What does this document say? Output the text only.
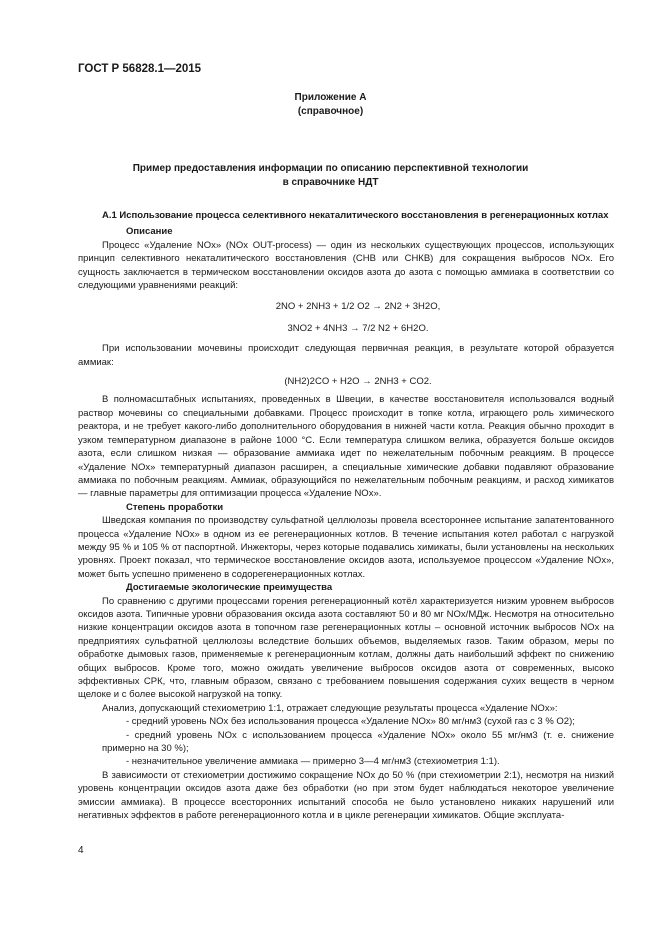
ГОСТ Р 56828.1—2015
Приложение А
(справочное)
Пример предоставления информации по описанию перспективной технологии
в справочнике НДТ

А.1 Использование процесса селективного некаталитического восстановления в регенерационных котлах

Описание

Процесс «Удаление NOx» (NOx OUT-process) — один из нескольких существующих процессов, использующих принцип селективного некаталитического восстановления (СНВ или СНКВ) для сокращения выбросов NOx. Его сущность заключается в термическом восстановлении оксидов азота до азота с помощью аммиака в соответствии со следующими уравнениями реакций:

2NO + 2NH3 + 1/2 O2 → 2N2 + 3H2O,

3NO2 + 4NH3 → 7/2 N2 + 6H2O.

При использовании мочевины происходит следующая первичная реакция, в результате которой образуется аммиак:

(NH2)2CO + H2O → 2NH3 + CO2.

В полномасштабных испытаниях, проведенных в Швеции, в качестве восстановителя использовался водный раствор мочевины со специальными добавками. Процесс происходит в топке котла, играющего роль химического реактора, и не требует какого-либо дополнительного оборудования в нижней части котла. Реакция обычно проходит в узком температурном диапазоне в районе 1000 °С. Если температура слишком велика, образуется больше оксидов азота, если слишком низкая — образование аммиака идет по нежелательным побочным реакциям. В процессе «Удаление NOx» температурный диапазон расширен, а специальные химические добавки подавляют образование аммиака по побочным реакциям. Аммиак, образующийся по нежелательным побочным реакциям, и расход химикатов — главные параметры для оптимизации процесса «Удаление NOx».

Степень проработки

Шведская компания по производству сульфатной целлюлозы провела всестороннее испытание запатентованного процесса «Удаление NOx» в одном из ее регенерационных котлов. В течение испытания котел работал с нагрузкой между 95 % и 105 % от паспортной. Инжекторы, через которые подавались химикаты, были установлены на нескольких уровнях. Проект показал, что термическое восстановление оксидов азота, используемое процессом «Удаление NOx», может быть успешно применено в содорегенерационных котлах.

Достигаемые экологические преимущества

По сравнению с другими процессами горения регенерационный котёл характеризуется низким уровнем выбросов оксидов азота. Типичные уровни образования оксида азота составляют 50 и 80 мг NOx/МДж. Несмотря на относительно низкие концентрации оксидов азота в топочном газе регенерационных котлы – основной источник выбросов NOx на предприятиях сульфатной целлюлозы вследствие больших объемов, выделяемых газов. Таким образом, меры по обработке дымовых газов, применяемые к регенерационным котлам, должны дать наибольший эффект по снижению общих выбросов. Кроме того, можно ожидать увеличение выбросов оксидов азота от современных, высоко эффективных СРК, что, главным образом, связано с требованием повышения содержания сухих веществ в черном щелоке и с более высокой нагрузкой на топку.

Анализ, допускающий стехиометрию 1:1, отражает следующие результаты процесса «Удаление NOx»:

- средний уровень NOx без использования процесса «Удаление NOx» 80 мг/нм3 (сухой газ с 3 % O2);

- средний уровень NOx с использованием процесса «Удаление NOx» около 55 мг/нм3 (т. е. снижение примерно на 30 %);

- незначительное увеличение аммиака — примерно 3—4 мг/нм3 (стехиометрия 1:1).

В зависимости от стехиометрии достижимо сокращение NOx до 50 % (при стехиометрии 2:1), несмотря на низкий уровень концентрации оксидов азота даже без обработки (но при этом будет наблюдаться некоторое увеличение эмиссии аммиака). В процессе всесторонних испытаний способа не было установлено никаких нарушений или негативных эффектов в работе регенерационного котла и в цикле регенерации химикатов. Общие эксплуата-

4
